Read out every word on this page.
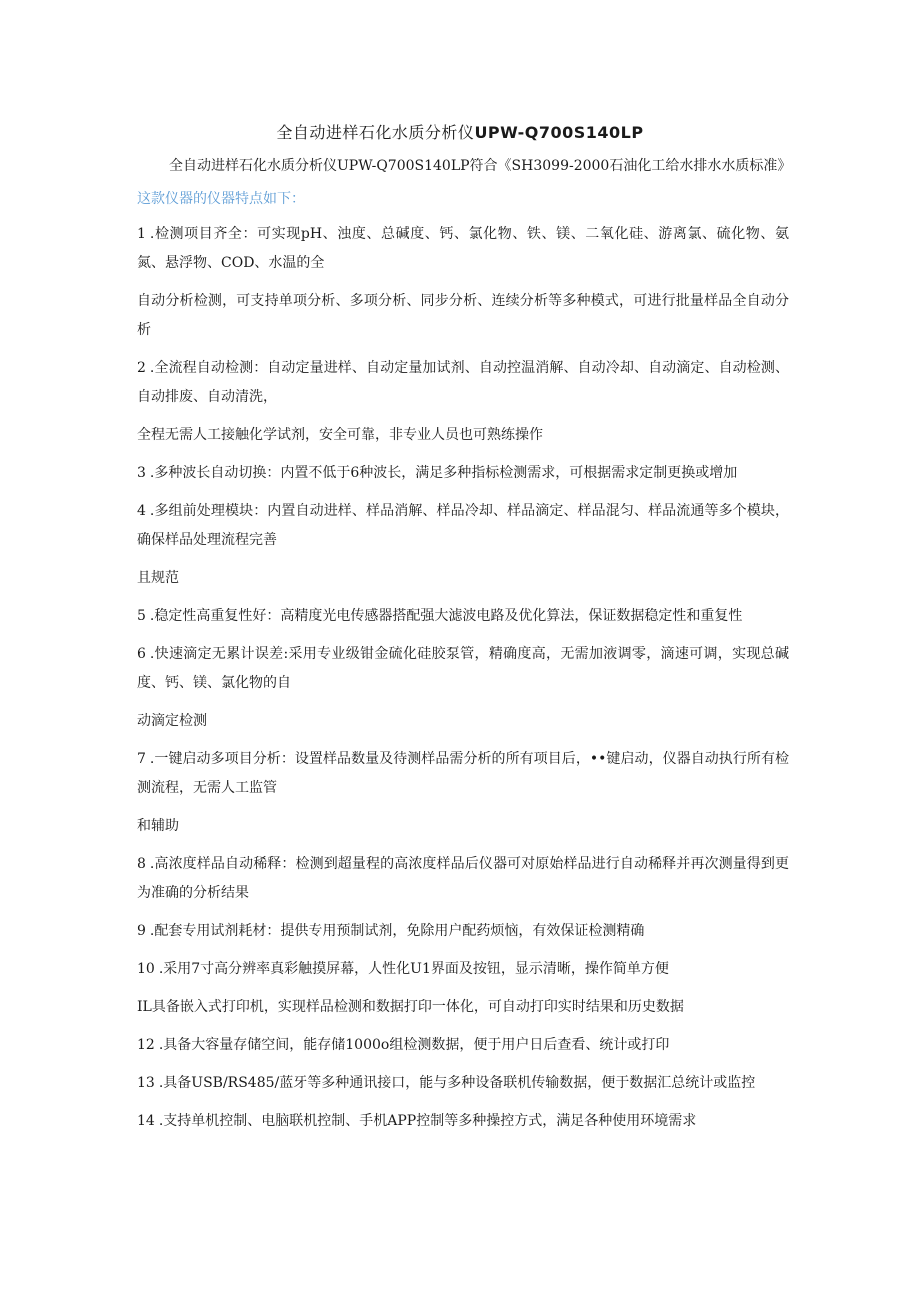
全自动进样石化水质分析仪UPW-Q700S140LP

全自动进样石化水质分析仪UPW-Q700S140LP符合《SH3099-2000石油化工给水排水水质标准》

这款仪器的仪器特点如下：

1 .检测项目齐全：可实现pH、浊度、总碱度、钙、氯化物、铁、镁、二氧化硅、游离氯、硫化物、氨氮、悬浮物、COD、水温的全

自动分析检测，可支持单项分析、多项分析、同步分析、连续分析等多种模式，可进行批量样品全自动分析

2 .全流程自动检测：自动定量进样、自动定量加试剂、自动控温消解、自动冷却、自动滴定、自动检测、自动排废、自动清洗，

全程无需人工接触化学试剂，安全可靠，非专业人员也可熟练操作

3 .多种波长自动切换：内置不低于6种波长，满足多种指标检测需求，可根据需求定制更换或增加

4 .多组前处理模块：内置自动进样、样品消解、样品冷却、样品滴定、样品混匀、样品流通等多个模块，确保样品处理流程完善

且规范

5 .稳定性高重复性好：高精度光电传感器搭配强大滤波电路及优化算法，保证数据稳定性和重复性

6 .快速滴定无累计误差:采用专业级钳金硫化硅胶泵管，精确度高，无需加液调零，滴速可调，实现总碱度、钙、镁、氯化物的自

动滴定检测

7 .一键启动多项目分析：设置样品数量及待测样品需分析的所有项目后，••键启动，仪器自动执行所有检测流程，无需人工监管

和辅助

8 .高浓度样品自动稀释：检测到超量程的高浓度样品后仪器可对原始样品进行自动稀释并再次测量得到更为准确的分析结果

9 .配套专用试剂耗材：提供专用预制试剂，免除用户配药烦恼，有效保证检测精确

10 .采用7寸高分辨率真彩触摸屏幕，人性化U1界面及按钮，显示清晰，操作简单方便

IL具备嵌入式打印机，实现样品检测和数据打印一体化，可自动打印实时结果和历史数据

12 .具备大容量存储空间，能存储1000o组检测数据，便于用户日后查看、统计或打印

13 .具备USB/RS485/蓝牙等多种通讯接口，能与多种设备联机传输数据，便于数据汇总统计或监控

14 .支持单机控制、电脑联机控制、手机APP控制等多种操控方式，满足各种使用环境需求
